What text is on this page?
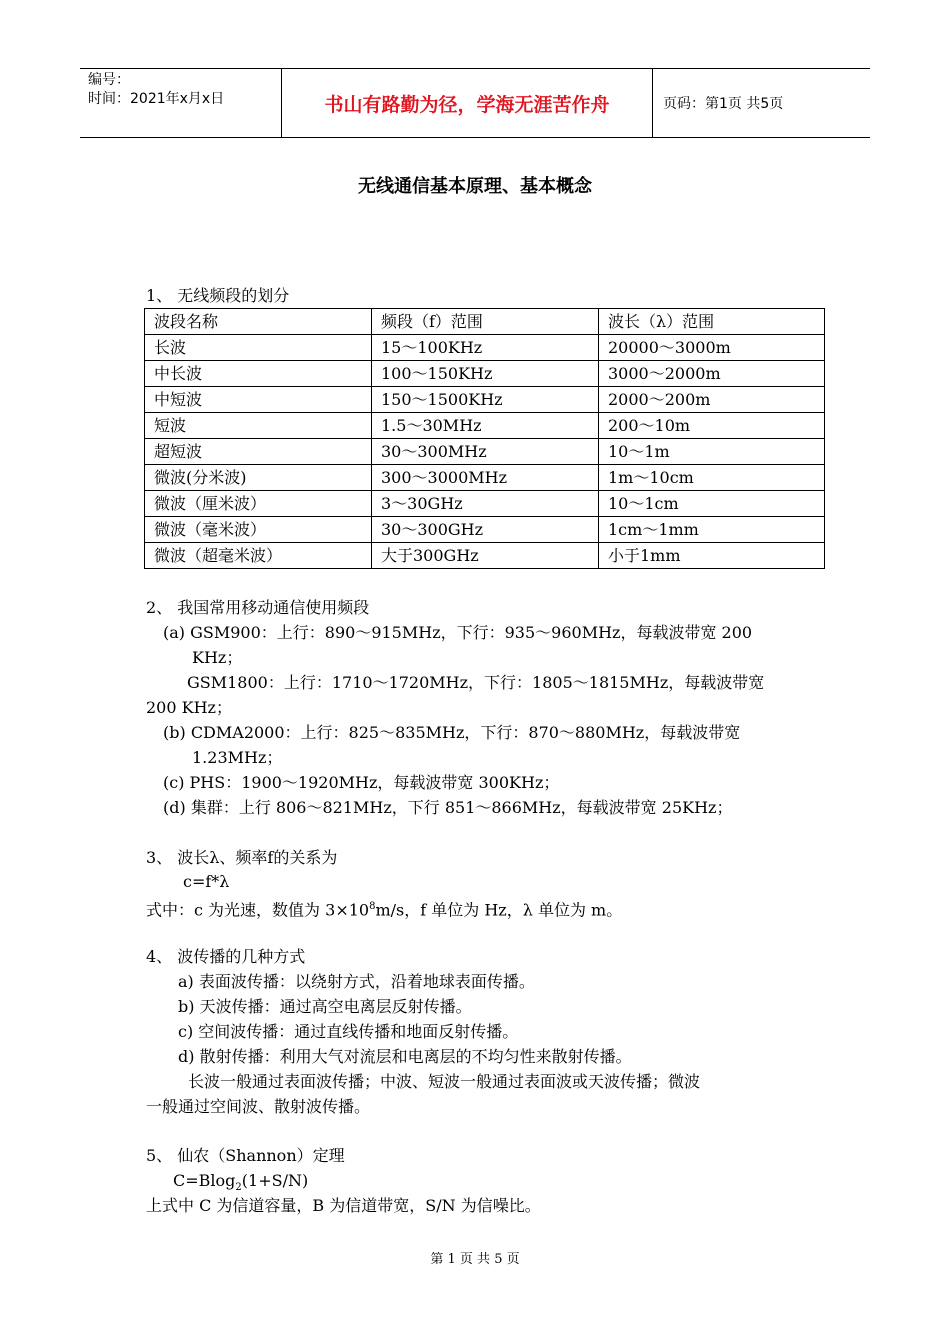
编号：
时间：2021年x月x日	书山有路勤为径，学海无涯苦作舟	页码：第1页 共5页
无线通信基本原理、基本概念
1、 无线频段的划分
波段名称	频段（f）范围	波长（λ）范围
长波	15～100KHz	20000～3000m
中长波	100～150KHz	3000～2000m
中短波	150～1500KHz	2000～200m
短波	1.5～30MHz	200～10m
超短波	30～300MHz	10～1m
微波(分米波)	300～3000MHz	1m～10cm
微波（厘米波）	3～30GHz	10～1cm
微波（毫米波）	30～300GHz	1cm～1mm
微波（超毫米波）	大于300GHz	小于1mm
2、 我国常用移动通信使用频段
(a) GSM900：上行：890～915MHz，下行：935～960MHz，每载波带宽 200
KHz；
GSM1800：上行：1710～1720MHz，下行：1805～1815MHz，每载波带宽
200 KHz；
(b) CDMA2000：上行：825～835MHz，下行：870～880MHz，每载波带宽
1.23MHz；
(c) PHS：1900～1920MHz，每载波带宽 300KHz；
(d) 集群：上行 806～821MHz，下行 851～866MHz，每载波带宽 25KHz；
3、 波长λ、频率f的关系为
c=f*λ
式中：c 为光速，数值为 $3\times 10^8m/s$，f 单位为 Hz，λ 单位为 m。
4、 波传播的几种方式
a) 表面波传播：以绕射方式，沿着地球表面传播。
b) 天波传播：通过高空电离层反射传播。
c) 空间波传播：通过直线传播和地面反射传播。
d) 散射传播：利用大气对流层和电离层的不均匀性来散射传播。
长波一般通过表面波传播；中波、短波一般通过表面波或天波传播；微波
一般通过空间波、散射波传播。
5、 仙农（Shannon）定理
C=Blog$_2$(1+S/N)
上式中 C 为信道容量，B 为信道带宽，S/N 为信噪比。
第 1 页 共 5 页
